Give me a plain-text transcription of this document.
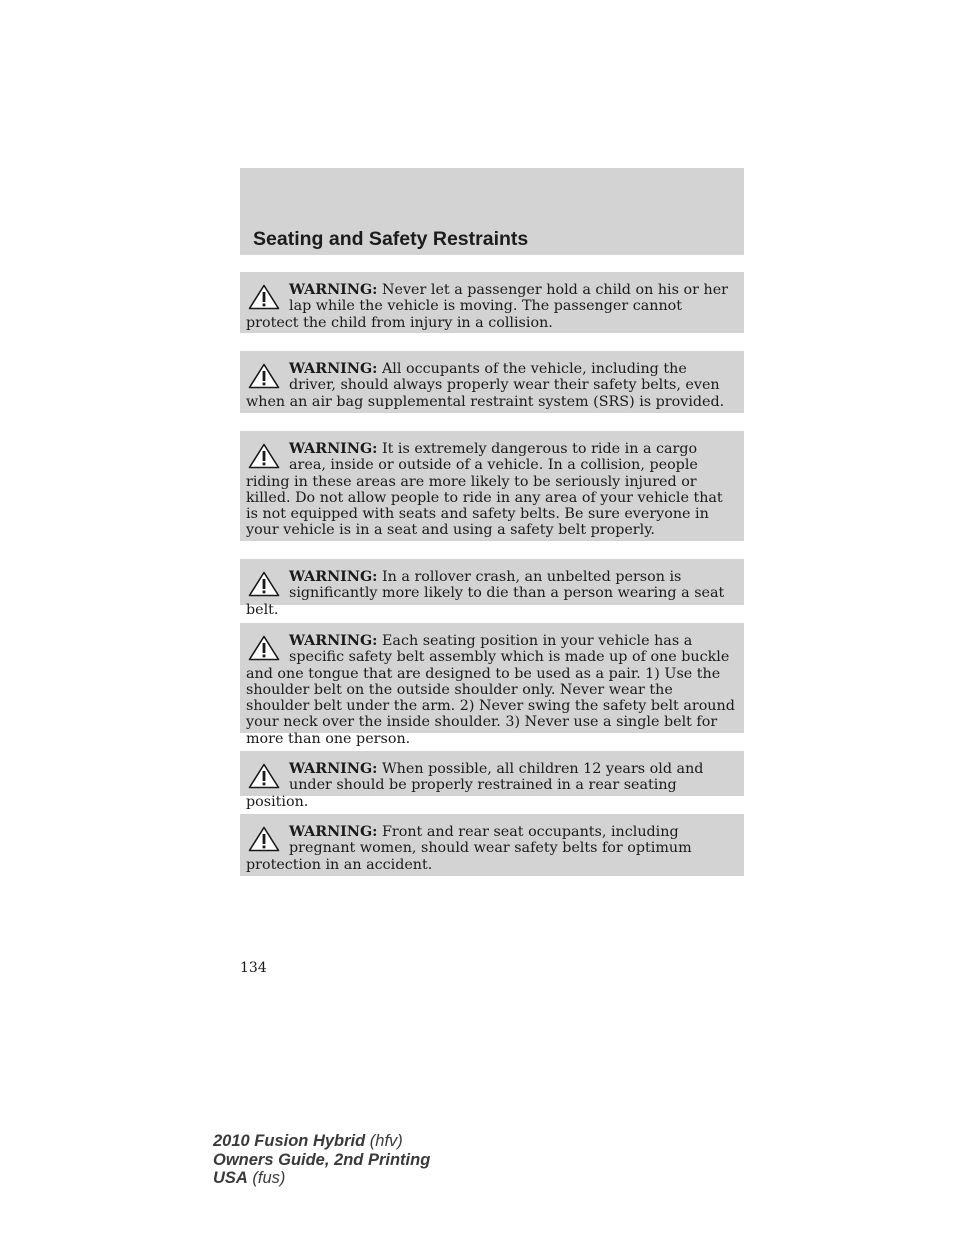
Seating and Safety Restraints

WARNING: Never let a passenger hold a child on his or her lap while the vehicle is moving. The passenger cannot protect the child from injury in a collision.

WARNING: All occupants of the vehicle, including the driver, should always properly wear their safety belts, even when an air bag supplemental restraint system (SRS) is provided.

WARNING: It is extremely dangerous to ride in a cargo area, inside or outside of a vehicle. In a collision, people riding in these areas are more likely to be seriously injured or killed. Do not allow people to ride in any area of your vehicle that is not equipped with seats and safety belts. Be sure everyone in your vehicle is in a seat and using a safety belt properly.

WARNING: In a rollover crash, an unbelted person is significantly more likely to die than a person wearing a seat belt.

WARNING: Each seating position in your vehicle has a specific safety belt assembly which is made up of one buckle and one tongue that are designed to be used as a pair. 1) Use the shoulder belt on the outside shoulder only. Never wear the shoulder belt under the arm. 2) Never swing the safety belt around your neck over the inside shoulder. 3) Never use a single belt for more than one person.

WARNING: When possible, all children 12 years old and under should be properly restrained in a rear seating position.

WARNING: Front and rear seat occupants, including pregnant women, should wear safety belts for optimum protection in an accident.

134
2010 Fusion Hybrid (hfv)
Owners Guide, 2nd Printing
USA (fus)
